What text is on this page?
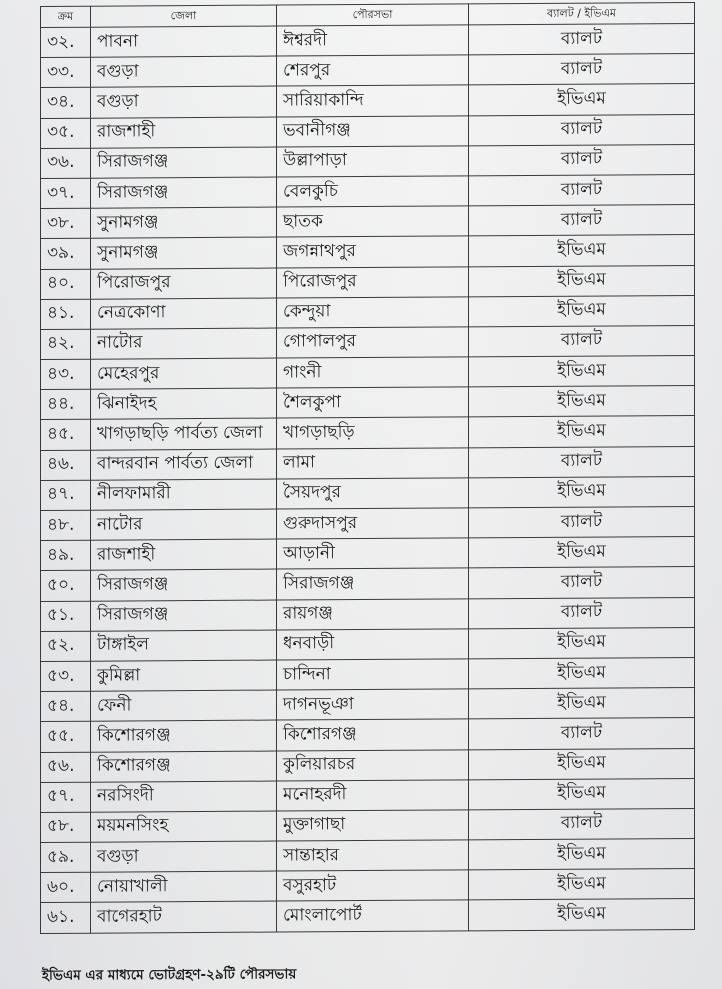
ক্রম	জেলা	পৌরসভা	ব্যালট / ইভিএম
৩২.	পাবনা	ঈশ্বরদী	ব্যালট
৩৩.	বগুড়া	শেরপুর	ব্যালট
৩৪.	বগুড়া	সারিয়াকান্দি	ইভিএম
৩৫.	রাজশাহী	ভবানীগঞ্জ	ব্যালট
৩৬.	সিরাজগঞ্জ	উল্লাপাড়া	ব্যালট
৩৭.	সিরাজগঞ্জ	বেলকুচি	ব্যালট
৩৮.	সুনামগঞ্জ	ছাতক	ব্যালট
৩৯.	সুনামগঞ্জ	জগন্নাথপুর	ইভিএম
৪০.	পিরোজপুর	পিরোজপুর	ইভিএম
৪১.	নেত্রকোণা	কেন্দুয়া	ইভিএম
৪২.	নাটোর	গোপালপুর	ব্যালট
৪৩.	মেহেরপুর	গাংনী	ইভিএম
৪৪.	ঝিনাইদহ	শৈলকুপা	ইভিএম
৪৫.	খাগড়াছড়ি পার্বত্য জেলা	খাগড়াছড়ি	ইভিএম
৪৬.	বান্দরবান পার্বত্য জেলা	লামা	ব্যালট
৪৭.	নীলফামারী	সৈয়দপুর	ইভিএম
৪৮.	নাটোর	গুরুদাসপুর	ব্যালট
৪৯.	রাজশাহী	আড়ানী	ইভিএম
৫০.	সিরাজগঞ্জ	সিরাজগঞ্জ	ব্যালট
৫১.	সিরাজগঞ্জ	রায়গঞ্জ	ব্যালট
৫২.	টাঙ্গাইল	ধনবাড়ী	ইভিএম
৫৩.	কুমিল্লা	চান্দিনা	ইভিএম
৫৪.	ফেনী	দাগনভূঞা	ইভিএম
৫৫.	কিশোরগঞ্জ	কিশোরগঞ্জ	ব্যালট
৫৬.	কিশোরগঞ্জ	কুলিয়ারচর	ইভিএম
৫৭.	নরসিংদী	মনোহরদী	ইভিএম
৫৮.	ময়মনসিংহ	মুক্তাগাছা	ব্যালট
৫৯.	বগুড়া	সান্তাহার	ইভিএম
৬০.	নোয়াখালী	বসুরহাট	ইভিএম
৬১.	বাগেরহাট	মোংলাপোর্ট	ইভিএম
ইভিএম এর মাধ্যমে ভোটগ্রহণ-২৯টি পৌরসভায়
